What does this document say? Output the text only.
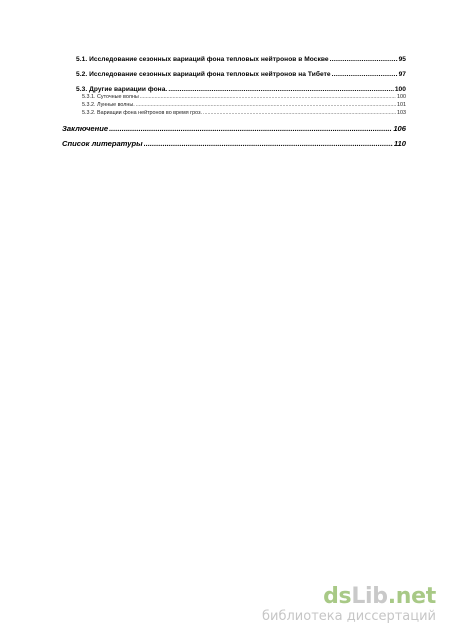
5.1. Исследование сезонных вариаций фона тепловых нейтронов в Москве .....	95
5.2. Исследование сезонных вариаций фона тепловых нейтронов на Тибете .....	97
5.3. Другие вариации фона. .....	100
5.3.1. Суточные волны .....	100
5.3.2. Лунные волны. .....	101
5.3.2. Вариации фона нейтронов во время гроз. .....	103
Заключение .....	106
Список литературы .....	110
dsLib.net
библиотека диссертаций
